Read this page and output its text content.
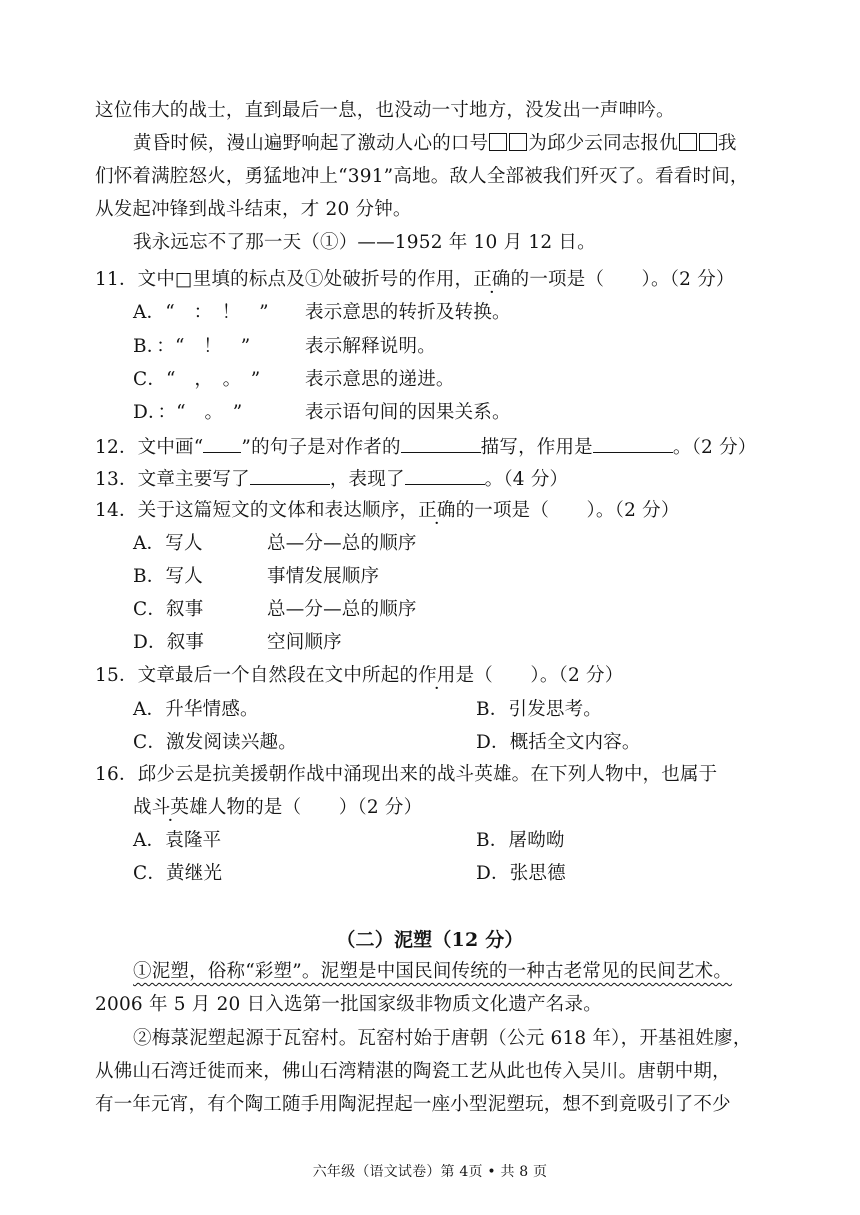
这位伟大的战士，直到最后一息，也没动一寸地方，没发出一声呻吟。
黄昏时候，漫山遍野响起了激动人心的口号 为邱少云同志报仇 我
们怀着满腔怒火，勇猛地冲上“391”高地。敌人全部被我们歼灭了。看看时间，
从发起冲锋到战斗结束，才 20 分钟。
我永远忘不了那一天（①）——1952 年 10 月 12 日。
11．文中□里填的标点及①处破折号的作用，正确的一项是（　　）。（2 分）
A．“　：　！　” 表示意思的转折及转换。
B．：“　！　”	表示解释说明。
C．“　，　。　” 表示意思的递进。
D．：“　。　”	表示语句间的因果关系。
12．文中画“ ”的句子是对作者的	描写，作用是	。（2 分）
13．文章主要写了	，表现了	。（4 分）
14．关于这篇短文的文体和表达顺序，正确的一项是（　　）。（2 分）
A．写人	总—分—总的顺序
B．写人	事情发展顺序
C．叙事	总—分—总的顺序
D．叙事	空间顺序
15．文章最后一个自然段在文中所起的作用是（　　）。（2 分）
A．升华情感。	B．引发思考。
C．激发阅读兴趣。	D．概括全文内容。
16．邱少云是抗美援朝作战中涌现出来的战斗英雄。在下列人物中，也属于
战斗英雄人物的是（　　）（2 分）
A．袁隆平	B．屠呦呦
C．黄继光	D．张思德
（二）泥塑（12 分）
①泥塑，俗称“彩塑”。泥塑是中国民间传统的一种古老常见的民间艺术。
2006 年 5 月 20 日入选第一批国家级非物质文化遗产名录。
②梅菉泥塑起源于瓦窑村。瓦窑村始于唐朝（公元 618 年），开基祖姓廖，
从佛山石湾迁徙而来，佛山石湾精湛的陶瓷工艺从此也传入吴川。唐朝中期，
有一年元宵，有个陶工随手用陶泥捏起一座小型泥塑玩，想不到竟吸引了不少
六年级（语文试卷）第 4页 • 共 8 页
